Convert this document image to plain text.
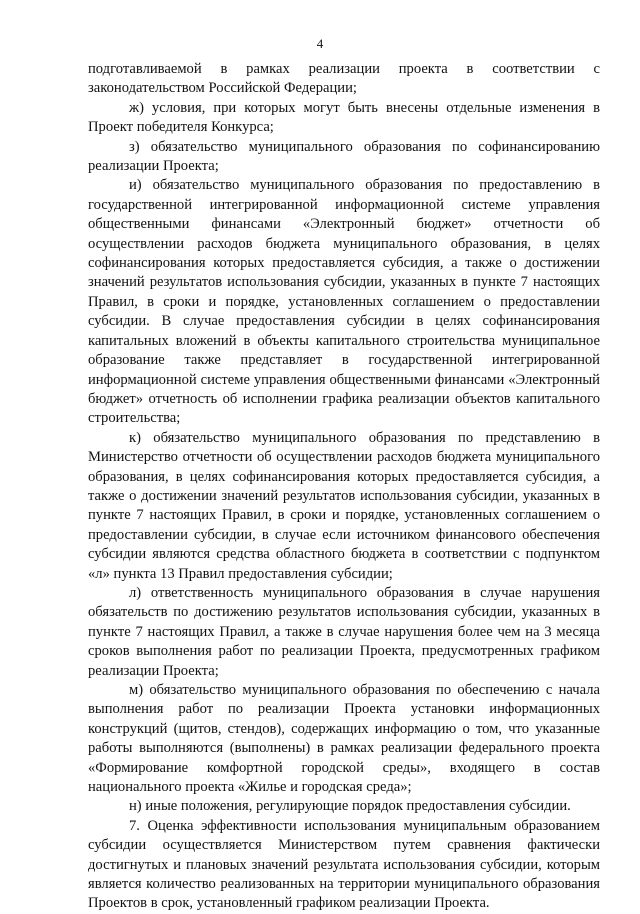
4

подготавливаемой в рамках реализации проекта в соответствии с законодательством Российской Федерации;

ж) условия, при которых могут быть внесены отдельные изменения в Проект победителя Конкурса;

з) обязательство муниципального образования по софинансированию реализации Проекта;

и) обязательство муниципального образования по предоставлению в государственной интегрированной информационной системе управления общественными финансами «Электронный бюджет» отчетности об осуществлении расходов бюджета муниципального образования, в целях софинансирования которых предоставляется субсидия, а также о достижении значений результатов использования субсидии, указанных в пункте 7 настоящих Правил, в сроки и порядке, установленных соглашением о предоставлении субсидии. В случае предоставления субсидии в целях софинансирования капитальных вложений в объекты капитального строительства муниципальное образование также представляет в государственной интегрированной информационной системе управления общественными финансами «Электронный бюджет» отчетность об исполнении графика реализации объектов капитального строительства;

к) обязательство муниципального образования по представлению в Министерство отчетности об осуществлении расходов бюджета муниципального образования, в целях софинансирования которых предоставляется субсидия, а также о достижении значений результатов использования субсидии, указанных в пункте 7 настоящих Правил, в сроки и порядке, установленных соглашением о предоставлении субсидии, в случае если источником финансового обеспечения субсидии являются средства областного бюджета в соответствии с подпунктом «л» пункта 13 Правил предоставления субсидии;

л) ответственность муниципального образования в случае нарушения обязательств по достижению результатов использования субсидии, указанных в пункте 7 настоящих Правил, а также в случае нарушения более чем на 3 месяца сроков выполнения работ по реализации Проекта, предусмотренных графиком реализации Проекта;

м) обязательство муниципального образования по обеспечению с начала выполнения работ по реализации Проекта установки информационных конструкций (щитов, стендов), содержащих информацию о том, что указанные работы выполняются (выполнены) в рамках реализации федерального проекта «Формирование комфортной городской среды», входящего в состав национального проекта «Жилье и городская среда»;

н) иные положения, регулирующие порядок предоставления субсидии.

7. Оценка эффективности использования муниципальным образованием субсидии осуществляется Министерством путем сравнения фактически достигнутых и плановых значений результата использования субсидии, которым является количество реализованных на территории муниципального образования Проектов в срок, установленный графиком реализации Проекта.
